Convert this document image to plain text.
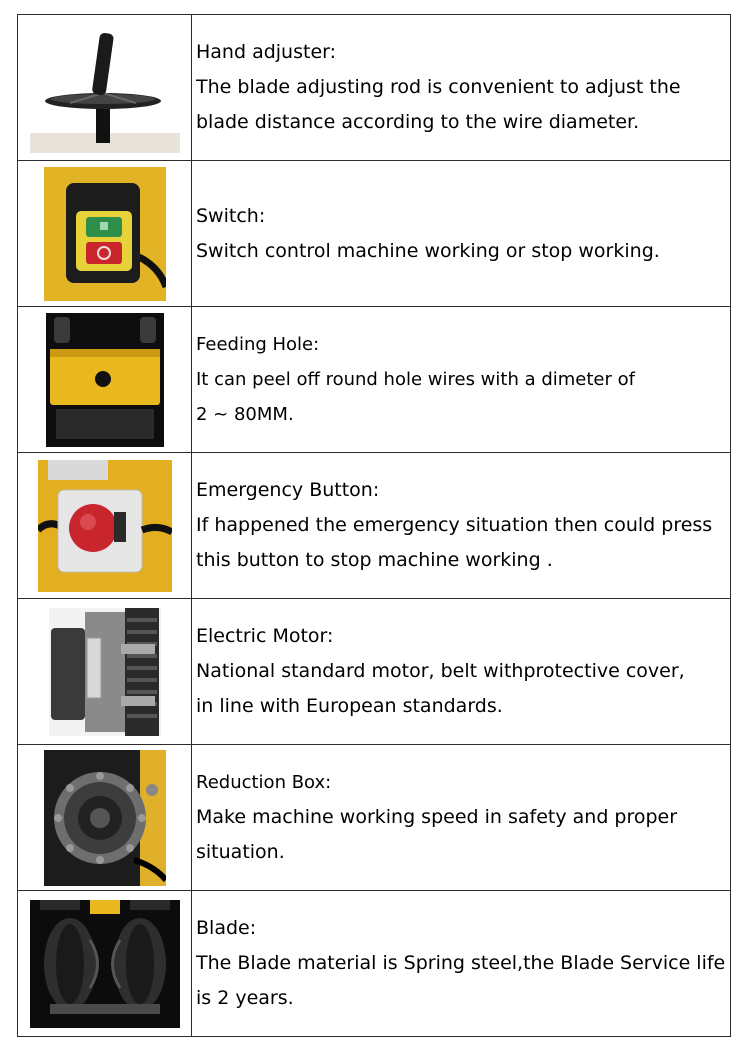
Hand adjuster:

The blade adjusting rod is convenient to adjust the

blade distance according to the wire diameter.

Switch:

Switch control machine working or stop working.

Feeding Hole:

It can peel off round hole wires with a dimeter of

2 ~ 80MM.

Emergency Button:

If happened the emergency situation then could press

this button to stop machine working .

Electric Motor:

National standard motor, belt withprotective cover,

in line with European standards.

Reduction Box:

Make machine working speed in safety and proper

situation.

Blade:

The Blade material is Spring steel,the Blade Service life

is 2 years.
